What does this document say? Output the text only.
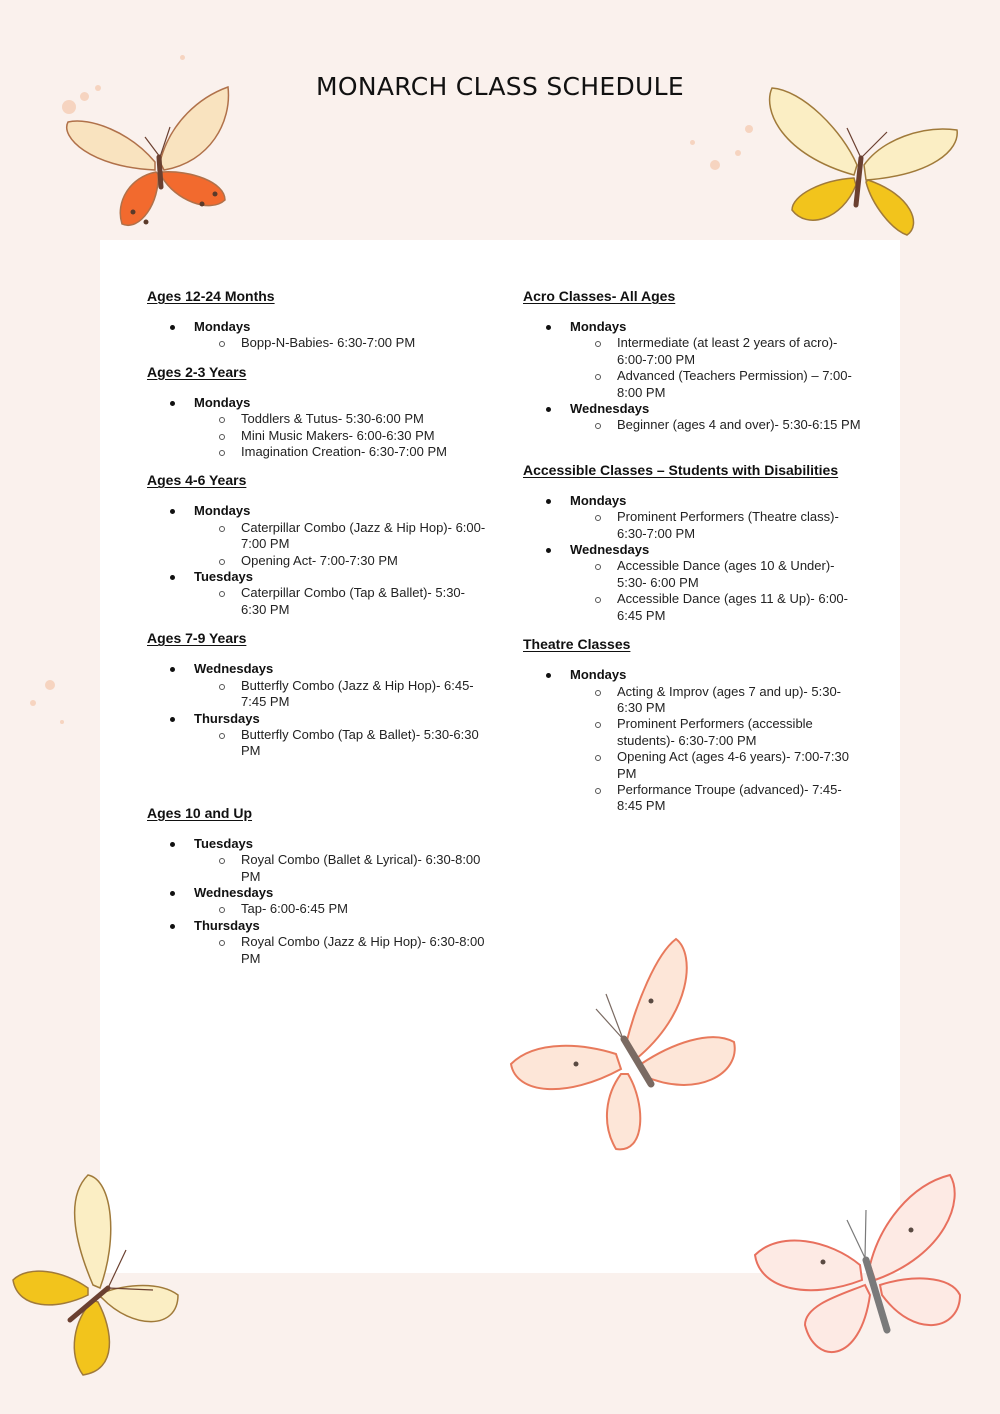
MONARCH CLASS SCHEDULE

Ages 12-24 Months

Mondays
Bopp-N-Babies- 6:30-7:00 PM

Ages 2-3 Years

Mondays
Toddlers & Tutus- 5:30-6:00 PM
Mini Music Makers- 6:00-6:30 PM
Imagination Creation- 6:30-7:00 PM

Ages 4-6 Years

Mondays
Caterpillar Combo (Jazz & Hip Hop)- 6:00-7:00 PM
Opening Act- 7:00-7:30 PM
Tuesdays
Caterpillar Combo (Tap & Ballet)- 5:30-6:30 PM

Ages 7-9 Years

Wednesdays
Butterfly Combo (Jazz & Hip Hop)- 6:45-7:45 PM
Thursdays
Butterfly Combo (Tap & Ballet)- 5:30-6:30 PM

Ages 10 and Up

Tuesdays
Royal Combo (Ballet & Lyrical)- 6:30-8:00 PM
Wednesdays
Tap- 6:00-6:45 PM
Thursdays
Royal Combo (Jazz & Hip Hop)- 6:30-8:00 PM

Acro Classes- All Ages

Mondays
Intermediate (at least 2 years of acro)- 6:00-7:00 PM
Advanced (Teachers Permission) – 7:00-8:00 PM
Wednesdays
Beginner (ages 4 and over)- 5:30-6:15 PM

Accessible Classes – Students with Disabilities

Mondays
Prominent Performers (Theatre class)- 6:30-7:00 PM
Wednesdays
Accessible Dance (ages 10 & Under)- 5:30- 6:00 PM
Accessible Dance (ages 11 & Up)- 6:00-6:45 PM

Theatre Classes

Mondays
Acting & Improv (ages 7 and up)- 5:30-6:30 PM
Prominent Performers (accessible students)- 6:30-7:00 PM
Opening Act (ages 4-6 years)- 7:00-7:30 PM
Performance Troupe (advanced)- 7:45-8:45 PM
